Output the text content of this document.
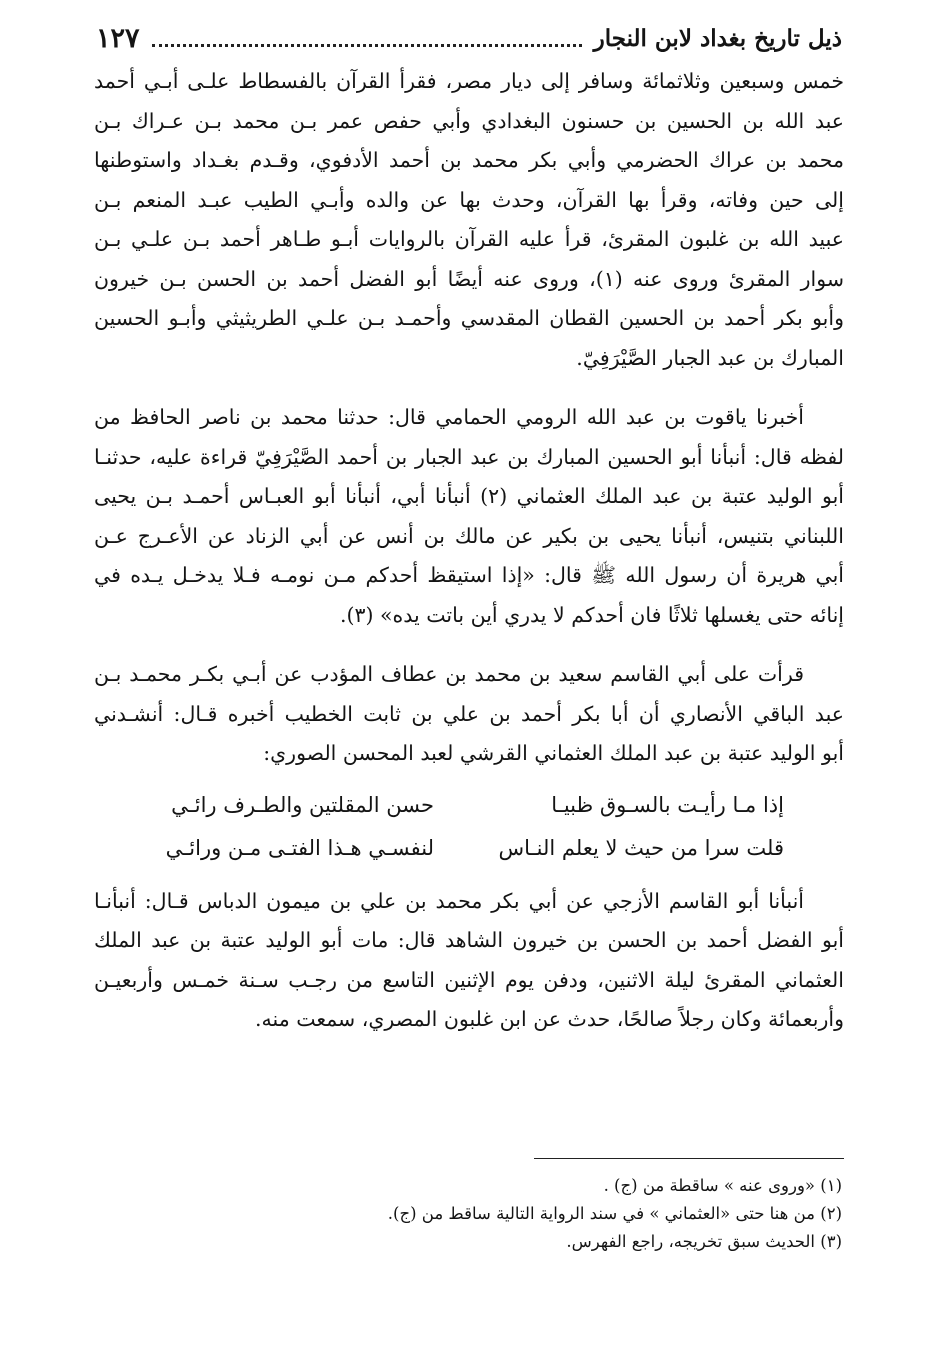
ذيل تاريخ بغداد لابن النجار
١٢٧
خمس وسبعين وثلاثمائة وسافر إلى ديار مصر، فقرأ القرآن بالفسطاط علـى أبـي أحمد
عبد الله بن الحسين بن حسنون البغدادي وأبي حفص عمر بـن محمد بـن عـراك بـن
محمد بن عراك الحضرمي وأبي بكر محمد بن أحمد الأدفوي، وقـدم بغـداد واستوطنها
إلى حين وفاته، وقرأ بها القرآن، وحدث بها عن والده وأبـي الطيب عبـد المنعم بـن
عبيد الله بن غلبون المقرئ، قرأ عليه القرآن بالروايات أبـو طـاهر أحمد بـن علـي بـن
سوار المقرئ وروى عنه (١)، وروى عنه أيضًا أبو الفضل أحمد بن الحسن بـن خيرون
وأبو بكر أحمد بن الحسين القطان المقدسي وأحمـد بـن علـي الطريثيثي وأبـو الحسين
المبارك بن عبد الجبار الصَّيْرَفِيّ.
أخبرنا ياقوت بن عبد الله الرومي الحمامي قال: حدثنا محمد بن ناصر الحافظ من
لفظه قال: أنبأنا أبو الحسين المبارك بن عبد الجبار بن أحمد الصَّيْرَفِيّ قراءة عليه، حدثنـا
أبو الوليد عتبة بن عبد الملك العثماني (٢) أنبأنا أبي، أنبأنا أبو العبـاس أحمـد بـن يحيى
اللبناني بتنيس، أنبأنا يحيى بن بكير عن مالك بن أنس عن أبي الزناد عن الأعـرج عـن
أبي هريرة أن رسول الله ﷺ قال: «إذا استيقظ أحدكم مـن نومـه فـلا يدخـل يـده في
إنائه حتى يغسلها ثلاثًا فان أحدكم لا يدري أين باتت يده» (٣).
قرأت على أبي القاسم سعيد بن محمد بن عطاف المؤدب عن أبـي بكـر محمـد بـن
عبد الباقي الأنصاري أن أبا بكر أحمد بن علي بن ثابت الخطيب أخبره قـال: أنشـدني
أبو الوليد عتبة بن عبد الملك العثماني القرشي لعبد المحسن الصوري:
إذا مـا رأيـت بالسـوق ظبيـا
حسن المقلتين والطـرف رائـي
قلت سرا من حيث لا يعلم النـاس
لنفسـي هـذا الفتـى مـن ورائـي
أنبأنا أبو القاسم الأزجي عن أبي بكر محمد بن علي بن ميمون الدباس قـال: أنبأنـا
أبو الفضل أحمد بن الحسن بن خيرون الشاهد قال: مات أبو الوليد عتبة بن عبد الملك
العثماني المقرئ ليلة الاثنين، ودفن يوم الإثنين التاسع من رجـب سـنة خمـس وأربعيـن
وأربعمائة وكان رجلاً صالحًا، حدث عن ابن غلبون المصري، سمعت منه.
(١) «وروى عنه » ساقطة من (ج) .
(٢) من هنا حتى «العثماني » في سند الرواية التالية ساقط من (ج).
(٣) الحديث سبق تخريجه، راجع الفهرس.
